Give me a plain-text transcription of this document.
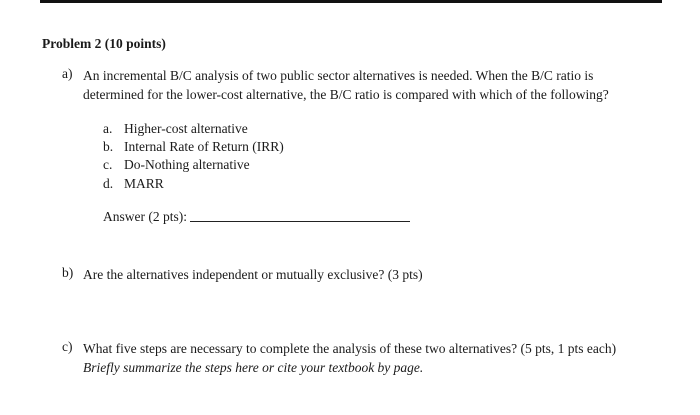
Problem 2 (10 points)
a) An incremental B/C analysis of two public sector alternatives is needed. When the B/C ratio is
determined for the lower-cost alternative, the B/C ratio is compared with which of the following?
a. Higher-cost alternative
b. Internal Rate of Return (IRR)
c. Do-Nothing alternative
d. MARR
Answer (2 pts):
b) Are the alternatives independent or mutually exclusive? (3 pts)
c) What five steps are necessary to complete the analysis of these two alternatives? (5 pts, 1 pts each)
Briefly summarize the steps here or cite your textbook by page.
